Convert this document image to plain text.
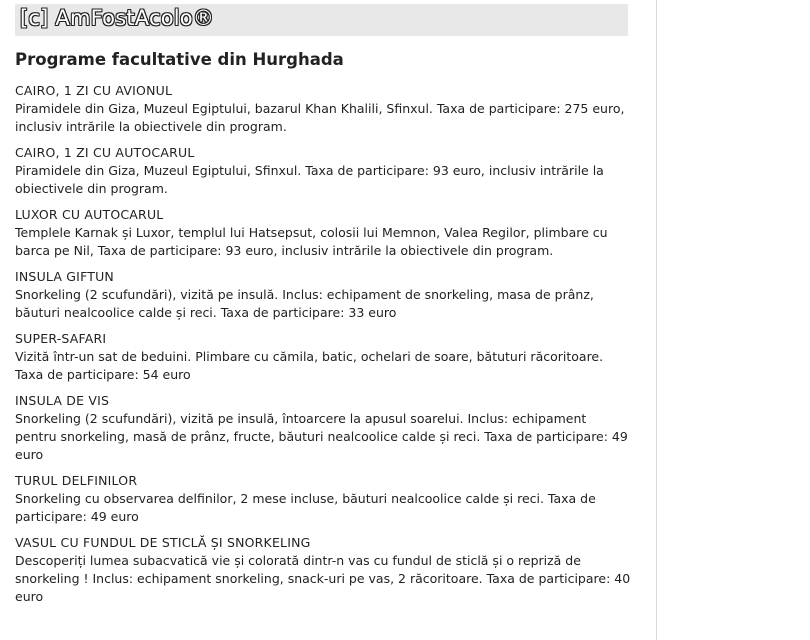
[c] AmFostAcolo®
Programe facultative din Hurghada
CAIRO, 1 ZI CU AVIONUL
Piramidele din Giza, Muzeul Egiptului, bazarul Khan Khalili, Sfinxul. Taxa de participare: 275 euro, inclusiv intrările la obiectivele din program.
CAIRO, 1 ZI CU AUTOCARUL
Piramidele din Giza, Muzeul Egiptului, Sfinxul. Taxa de participare: 93 euro, inclusiv intrările la obiectivele din program.
LUXOR CU AUTOCARUL
Templele Karnak și Luxor, templul lui Hatsepsut, colosii lui Memnon, Valea Regilor, plimbare cu barca pe Nil, Taxa de participare: 93 euro, inclusiv intrările la obiectivele din program.
INSULA GIFTUN
Snorkeling (2 scufundări), vizită pe insulă. Inclus: echipament de snorkeling, masa de prânz, băuturi nealcoolice calde și reci. Taxa de participare: 33 euro
SUPER-SAFARI
Vizită într-un sat de beduini. Plimbare cu cămila, batic, ochelari de soare, bătuturi răcoritoare. Taxa de participare: 54 euro
INSULA DE VIS
Snorkeling (2 scufundări), vizită pe insulă, întoarcere la apusul soarelui. Inclus: echipament pentru snorkeling, masă de prânz, fructe, băuturi nealcoolice calde și reci. Taxa de participare: 49 euro
TURUL DELFINILOR
Snorkeling cu observarea delfinilor, 2 mese incluse, băuturi nealcoolice calde și reci. Taxa de participare: 49 euro
VASUL CU FUNDUL DE STICLĂ ȘI SNORKELING
Descoperiți lumea subacvatică vie și colorată dintr-n vas cu fundul de sticlă și o repriză de snorkeling ! Inclus: echipament snorkeling, snack-uri pe vas, 2 răcoritoare. Taxa de participare: 40 euro
